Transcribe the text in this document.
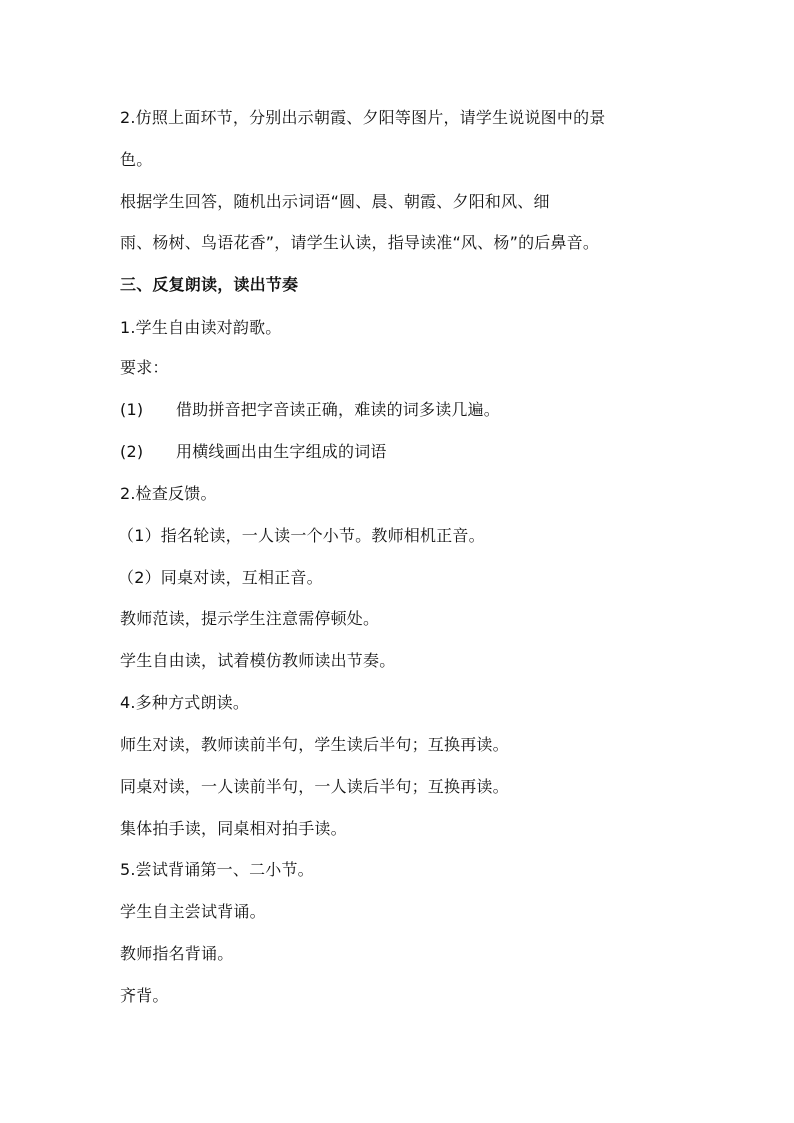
2.仿照上面环节，分别出示朝霞、夕阳等图片，请学生说说图中的景
色。
根据学生回答，随机出示词语“圆、晨、朝霞、夕阳和风、细
雨、杨树、鸟语花香”，请学生认读，指导读准“风、杨”的后鼻音。
三、反复朗读，读出节奏
1.学生自由读对韵歌。
要求：
(1) 借助拼音把字音读正确，难读的词多读几遍。
(2) 用横线画出由生字组成的词语
2.检查反馈。
（1）指名轮读，一人读一个小节。教师相机正音。
（2）同桌对读，互相正音。
教师范读，提示学生注意需停顿处。
学生自由读，试着模仿教师读出节奏。
4.多种方式朗读。
师生对读，教师读前半句，学生读后半句；互换再读。
同桌对读，一人读前半句，一人读后半句；互换再读。
集体拍手读，同桌相对拍手读。
5.尝试背诵第一、二小节。
学生自主尝试背诵。
教师指名背诵。
齐背。
